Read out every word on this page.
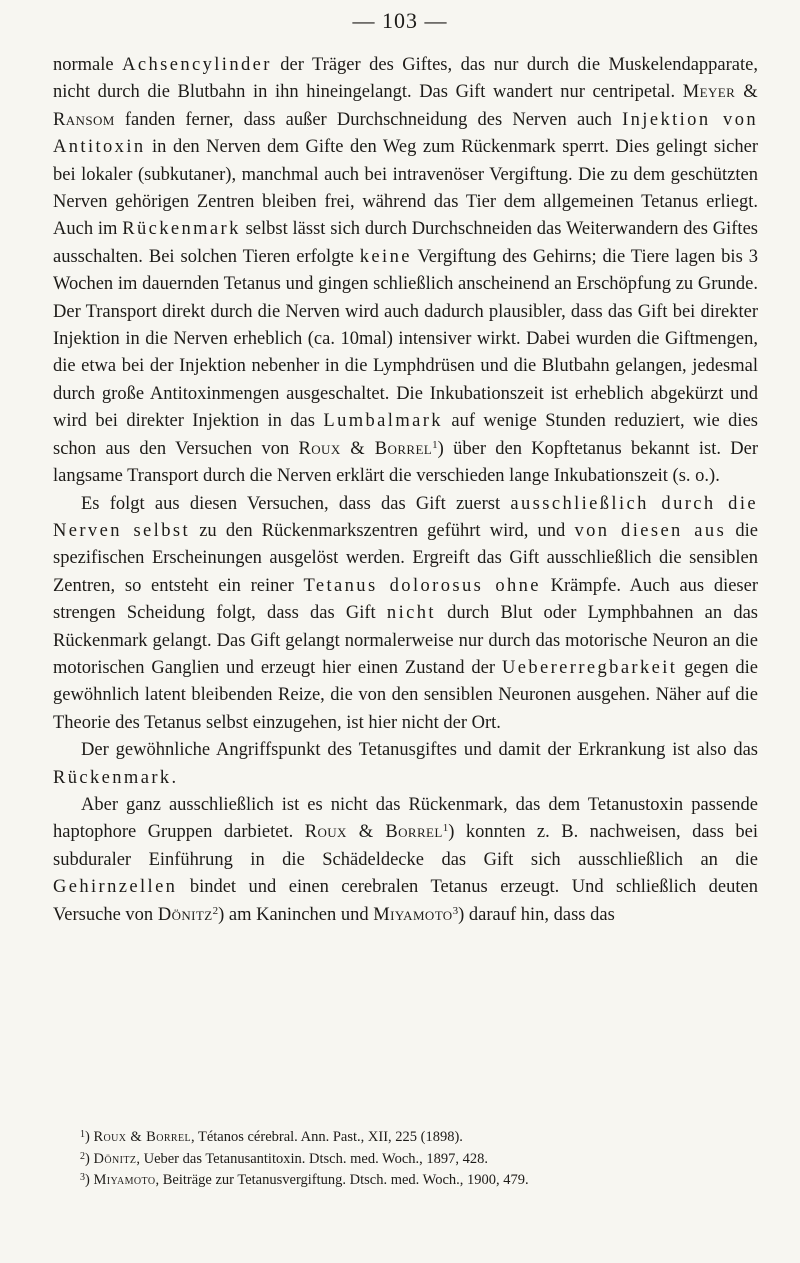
— 103 —

normale Achsencylinder der Träger des Giftes, das nur durch die Muskelendapparate, nicht durch die Blutbahn in ihn hineingelangt. Das Gift wandert nur centripetal. Meyer & Ransom fanden ferner, dass außer Durchschneidung des Nerven auch Injektion von Antitoxin in den Nerven dem Gifte den Weg zum Rückenmark sperrt. Dies gelingt sicher bei lokaler (subkutaner), manchmal auch bei intravenöser Vergiftung. Die zu dem geschützten Nerven gehörigen Zentren bleiben frei, während das Tier dem allgemeinen Tetanus erliegt. Auch im Rückenmark selbst lässt sich durch Durchschneiden das Weiterwandern des Giftes ausschalten. Bei solchen Tieren erfolgte keine Vergiftung des Gehirns; die Tiere lagen bis 3 Wochen im dauernden Tetanus und gingen schließlich anscheinend an Erschöpfung zu Grunde. Der Transport direkt durch die Nerven wird auch dadurch plausibler, dass das Gift bei direkter Injektion in die Nerven erheblich (ca. 10mal) intensiver wirkt. Dabei wurden die Giftmengen, die etwa bei der Injektion nebenher in die Lymphdrüsen und die Blutbahn gelangen, jedesmal durch große Antitoxinmengen ausgeschaltet. Die Inkubationszeit ist erheblich abgekürzt und wird bei direkter Injektion in das Lumbalmark auf wenige Stunden reduziert, wie dies schon aus den Versuchen von Roux & Borrel$^1$) über den Kopftetanus bekannt ist. Der langsame Transport durch die Nerven erklärt die verschieden lange Inkubationszeit (s. o.).

Es folgt aus diesen Versuchen, dass das Gift zuerst ausschließlich durch die Nerven selbst zu den Rückenmarkszentren geführt wird, und von diesen aus die spezifischen Erscheinungen ausgelöst werden. Ergreift das Gift ausschließlich die sensiblen Zentren, so entsteht ein reiner Tetanus dolorosus ohne Krämpfe. Auch aus dieser strengen Scheidung folgt, dass das Gift nicht durch Blut oder Lymphbahnen an das Rückenmark gelangt. Das Gift gelangt normalerweise nur durch das motorische Neuron an die motorischen Ganglien und erzeugt hier einen Zustand der Uebererregbarkeit gegen die gewöhnlich latent bleibenden Reize, die von den sensiblen Neuronen ausgehen. Näher auf die Theorie des Tetanus selbst einzugehen, ist hier nicht der Ort.

Der gewöhnliche Angriffspunkt des Tetanusgiftes und damit der Erkrankung ist also das Rückenmark.

Aber ganz ausschließlich ist es nicht das Rückenmark, das dem Tetanustoxin passende haptophore Gruppen darbietet. Roux & Borrel$^1$) konnten z. B. nachweisen, dass bei subduraler Einführung in die Schädeldecke das Gift sich ausschließlich an die Gehirnzellen bindet und einen cerebralen Tetanus erzeugt. Und schließlich deuten Versuche von Dönitz$^2$) am Kaninchen und Miyamoto$^3$) darauf hin, dass das

$^1$) Roux & Borrel, Tétanos cérebral. Ann. Past., XII, 225 (1898).
$^2$) Dönitz, Ueber das Tetanusantitoxin. Dtsch. med. Woch., 1897, 428.
$^3$) Miyamoto, Beiträge zur Tetanusvergiftung. Dtsch. med. Woch., 1900, 479.
